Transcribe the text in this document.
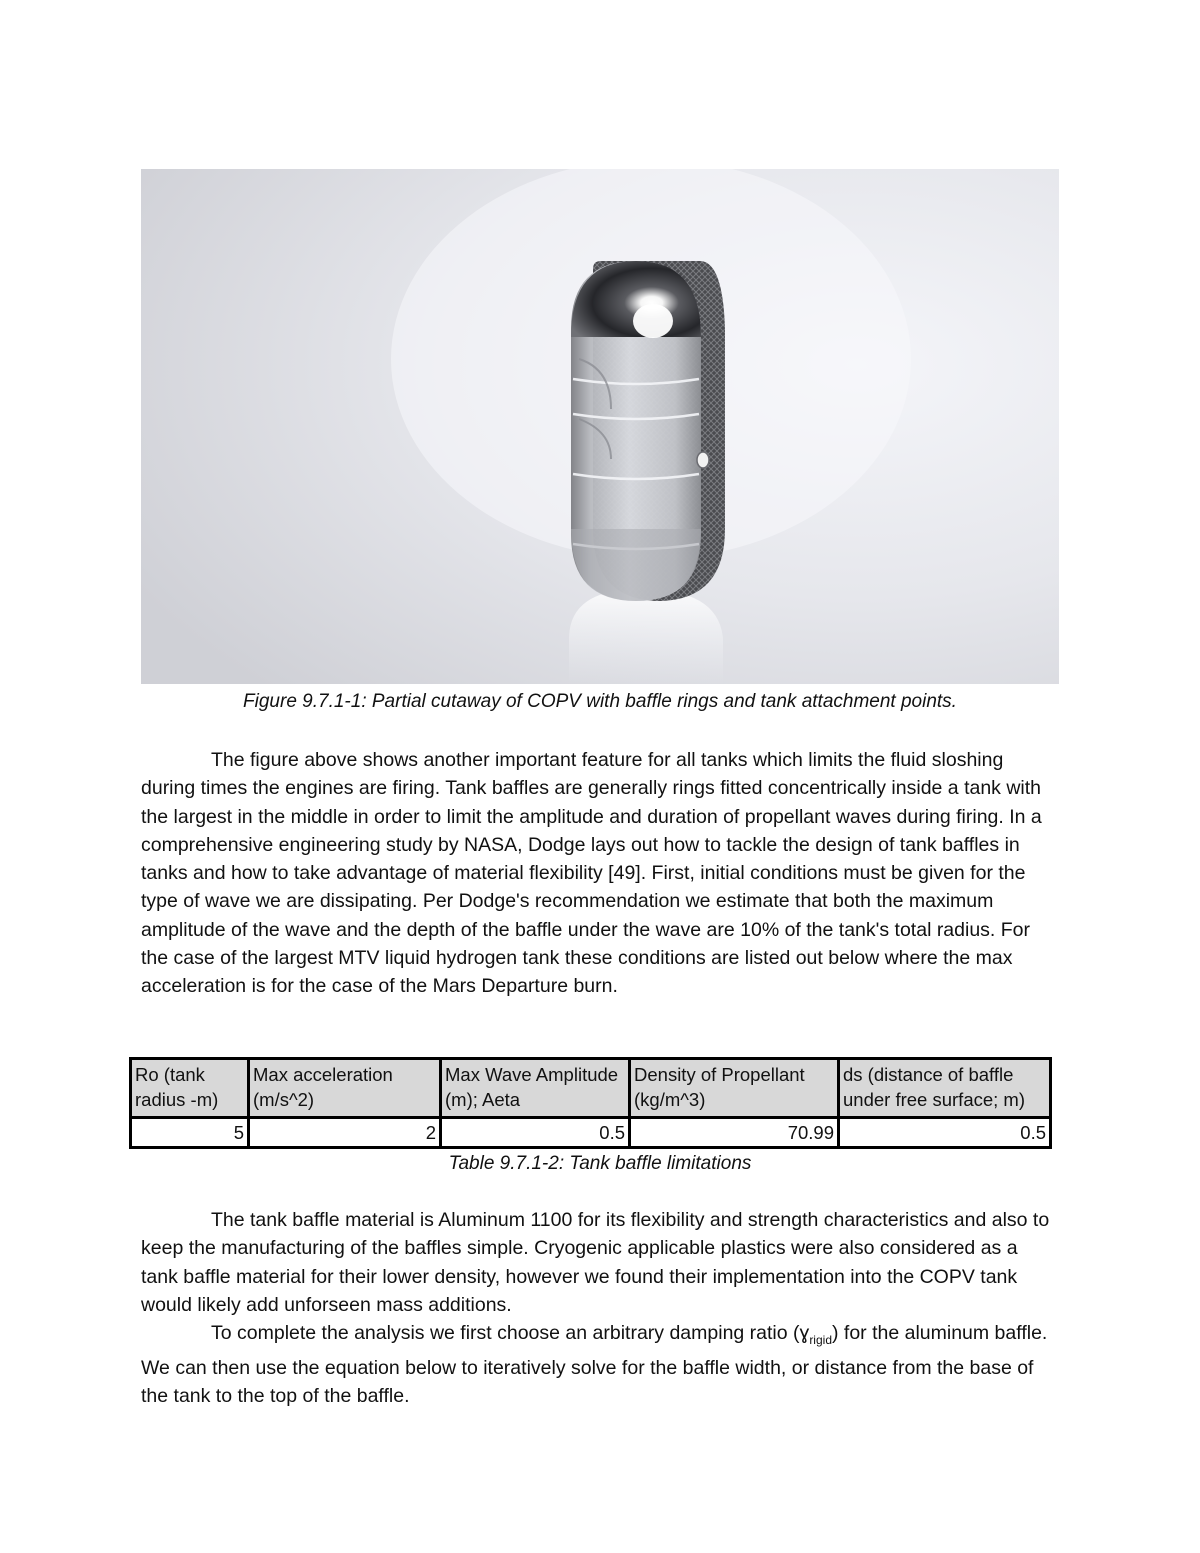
Figure 9.7.1-1: Partial cutaway of COPV with baffle rings and tank attachment points.

The figure above shows another important feature for all tanks which limits the fluid sloshing during times the engines are firing. Tank baffles are generally rings fitted concentrically inside a tank with the largest in the middle in order to limit the amplitude and duration of propellant waves during firing. In a comprehensive engineering study by NASA, Dodge lays out how to tackle the design of tank baffles in tanks and how to take advantage of material flexibility [49]. First, initial conditions must be given for the type of wave we are dissipating. Per Dodge's recommendation we estimate that both the maximum amplitude of the wave and the depth of the baffle under the wave are 10% of the tank's total radius. For the case of the largest MTV liquid hydrogen tank these conditions are listed out below where the max acceleration is for the case of the Mars Departure burn.

Ro (tank radius -m)	Max acceleration (m/s^2)	Max Wave Amplitude (m); Aeta	Density of Propellant (kg/m^3)	ds (distance of baffle under free surface; m)
5	2	0.5	70.99	0.5
Table 9.7.1-2: Tank baffle limitations

The tank baffle material is Aluminum 1100 for its flexibility and strength characteristics and also to keep the manufacturing of the baffles simple. Cryogenic applicable plastics were also considered as a tank baffle material for their lower density, however we found their implementation into the COPV tank would likely add unforseen mass additions.

To complete the analysis we first choose an arbitrary damping ratio (ɣ$_{rigid}$) for the aluminum baffle. We can then use the equation below to iteratively solve for the baffle width, or distance from the base of the tank to the top of the baffle.
